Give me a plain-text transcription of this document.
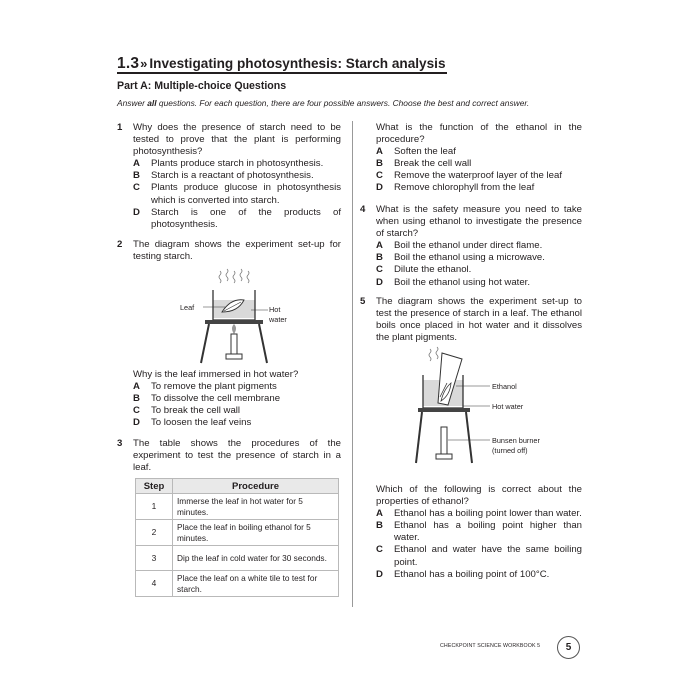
1.3» Investigating photosynthesis: Starch analysis
Part A: Multiple-choice Questions
Answer all questions. For each question, there are four possible answers. Choose the best and correct answer.
1 Why does the presence of starch need to be tested to prove that the plant is performing photosynthesis?
A Plants produce starch in photosynthesis.
B Starch is a reactant of photosynthesis.
C Plants produce glucose in photosynthesis which is converted into starch.
D Starch is one of the products of photosynthesis.
2 The diagram shows the experiment set-up for testing starch.
Leaf	Hot
water
Why is the leaf immersed in hot water?
A To remove the plant pigments
B To dissolve the cell membrane
C To break the cell wall
D To loosen the leaf veins
3 The table shows the procedures of the experiment to test the presence of starch in a leaf.
Step	Procedure
1	Immerse the leaf in hot water for 5 minutes.
2	Place the leaf in boiling ethanol for 5 minutes.
3	Dip the leaf in cold water for 30 seconds.
4	Place the leaf on a white tile to test for starch.
What is the function of the ethanol in the procedure?
A Soften the leaf
B Break the cell wall
C Remove the waterproof layer of the leaf
D Remove chlorophyll from the leaf
4 What is the safety measure you need to take when using ethanol to investigate the presence of starch?
A Boil the ethanol under direct flame.
B Boil the ethanol using a microwave.
C Dilute the ethanol.
D Boil the ethanol using hot water.
5 The diagram shows the experiment set-up to test the presence of starch in a leaf. The ethanol boils once placed in hot water and it dissolves the plant pigments.
Ethanol
Hot water
Bunsen burner
(turned off)
Which of the following is correct about the properties of ethanol?
A Ethanol has a boiling point lower than water.
B Ethanol has a boiling point higher than water.
C Ethanol and water have the same boiling point.
D Ethanol has a boiling point of 100°C.
CHECKPOINT SCIENCE WORKBOOK 5	5
